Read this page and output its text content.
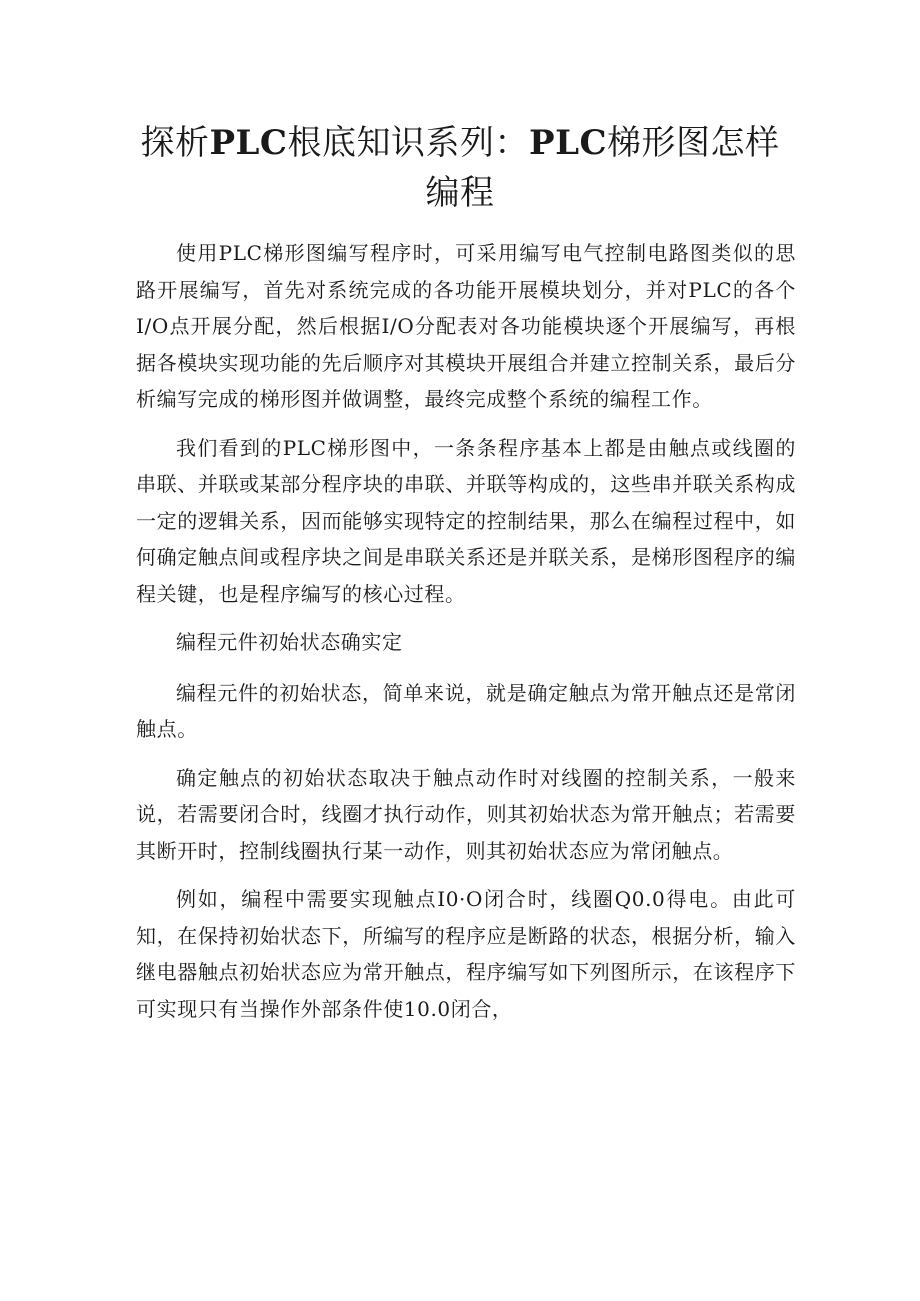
探析PLC根底知识系列：PLC梯形图怎样编程

使用PLC梯形图编写程序时，可采用编写电气控制电路图类似的思路开展编写，首先对系统完成的各功能开展模块划分，并对PLC的各个I/O点开展分配，然后根据I/O分配表对各功能模块逐个开展编写，再根据各模块实现功能的先后顺序对其模块开展组合并建立控制关系，最后分析编写完成的梯形图并做调整，最终完成整个系统的编程工作。

我们看到的PLC梯形图中，一条条程序基本上都是由触点或线圈的串联、并联或某部分程序块的串联、并联等构成的，这些串并联关系构成一定的逻辑关系，因而能够实现特定的控制结果，那么在编程过程中，如何确定触点间或程序块之间是串联关系还是并联关系，是梯形图程序的编程关键，也是程序编写的核心过程。

编程元件初始状态确实定

编程元件的初始状态，简单来说，就是确定触点为常开触点还是常闭触点。

确定触点的初始状态取决于触点动作时对线圈的控制关系，一般来说，若需要闭合时，线圈才执行动作，则其初始状态为常开触点；若需要其断开时，控制线圈执行某一动作，则其初始状态应为常闭触点。

例如，编程中需要实现触点I0·O闭合时，线圈Q0.0得电。由此可知，在保持初始状态下，所编写的程序应是断路的状态，根据分析，输入继电器触点初始状态应为常开触点，程序编写如下列图所示，在该程序下可实现只有当操作外部条件使10.0闭合，
